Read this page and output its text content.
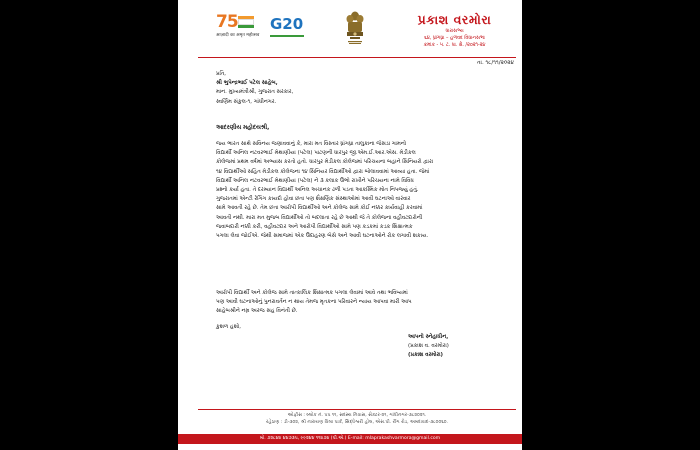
75
आज़ादी का अमृत महोत्सव
G20	પ્રકાશ વરમોરા
ધારાસભ્ય
૬૪, ધ્રાંગધ્રા – હળવદ વિધાનસભા
ક્રમાંક - ૫. ટ. ધા. ક્ષે. /૨૦૨૧-૨૪
તા. ૧૮/૧૧/૨૦૨૪
પ્રતિ,
શ્રી ભુપેન્દ્રભાઈ પટેલ સાહેબ,
માન. મુખ્યમંત્રીશ્રી, ગુજરાત સરકાર,
સ્વર્ણિમ સંકુલ-૧, ગાંધીનગર.
આદરણીય મહોદયશ્રી,
જય ભારત સાથે સવિનય જણાવવાનું કે, મારા મત વિસ્તાર ધ્રાંગધ્રા તાલુકાના જેસડા ગામનો
વિદ્યાર્થી અનિલ નટવરભાઈ મેથાણીયા (પટેલ) પાટણની ધારપુર જી.એમ.ઈ.આર.એસ. મેડીકલ
કોલેજમાં પ્રથમ વર્ષમાં અભ્યાસ કરતો હતો. ધારપુર મેડીકલ કોલેજમાં પરિચયના બહાને સિનિયરો દ્વારા
૧૪ વિદ્યાર્થીઓ સહિત મેડીકલ કોલેજના ૧૪ સિનિયર વિદ્યાર્થીઓ દ્વારા બોલાવવામાં આવ્યા હતા. જેમાં
વિદ્યાર્થી અનિલ નટવરભાઈ મેથાણીયા (પટેલ) ને ૩ કલાક ઉભો રાખીને પરિચયના નામે વિવિધ
પ્રશ્નો કર્યા હતા. તે દરમ્યાન વિદ્યાર્થી અનિલ અચાનક ઢળી પડતા આકસ્મિક મોત નિપજ્યું હતું.
ગુજરાતમાં એન્ટી રેગિંગ કાયદો હોવા છતા પણ શૈક્ષણિક સંસ્થાઓમાં આવી ઘટનાઓ વારંવાર
સામે આવતી રહે છે. તેમ છતા આરોપી વિદ્યાર્થીઓ અને કોલેજ સામે કોઈ નક્કર કાર્યવાહી કરવામાં
આવતી નથી. મારા મત મુજબ વિદ્યાર્થીઓ તો બદલાતા રહે છે આથી જે તે કોલેજના વહીવટદારોની
જવાબદારી નક્કી કરી, વહીવટદાર અને આરોપી વિદ્યાર્થીઓ સામે પણ કડકમાં કડક શિક્ષાત્મક
પગલા લેવા જોઈએ. જેથી સમાજમાં એક ઉદાહરણ બેસે અને આવી ઘટનાઓને રોક લગાવી શકાય.
આરોપી વિદ્યાર્થી અને કોલેજ સામે તાત્કાલિક શિક્ષાત્મક પગલા લેવામાં આવે તથા ભવિષ્યમાં
પણ આવી ઘટનાઓનું પુનરાવર્તન ન થાય તેમજ મૃતકના પરિવારને ન્યાય આપવા મારી આપ
સાહેબશ્રીને નમ્ર અરજ સહ વિનંતી છે.
કુશળ હશો,
આપનો સ્નેહાધીન,
(પ્રકાશ વ. વરમોરા)
(પ્રકાશ વરમોરા)
ઓફીસ : બ્લોક નં. ૫૫ ૧૧, સદસ્ય નિવાસ, સેક્ટર-૨૧, ગાંધીનગર-૩૮૨૦૨૧.
રહેઠાણ : ડી-૩૦૨, શ્રી નારાયણ વિલા પાર્ક, સિદ્ધેશ્વરી હોલ, એસ.પી. રીંગ રોડ, અમદાવાદ-૩૮૦૦૬૦.
મો. ૭૨૮૪૪ ૪૪૭૩૫, ૯૯૨૪૪ ૧૧૪૭૪ (પી.એ.) E-mail: mlaprakashvarmora@gmail.com
